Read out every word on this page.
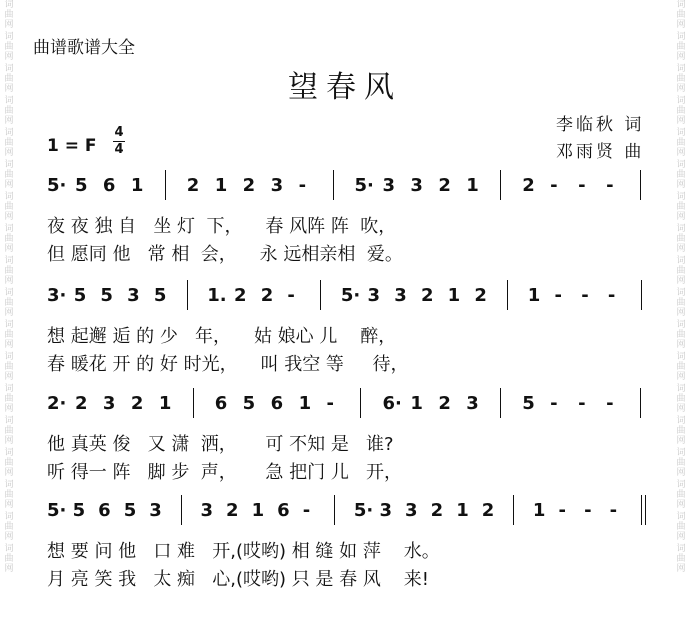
词
曲
网
词
曲
网
词
曲
网
词
曲
网
词
曲
网
词
曲
网
词
曲
网
词
曲
网
词
曲
网
词
曲
网
词
曲
网
词
曲
网
词
曲
网
词
曲
网
词
曲
网
词
曲
网
词
曲
网
词
曲
网
词
曲
网
词
曲
网
词
曲
网
词
曲
网
词
曲
网
词
曲
网
词
曲
网
词
曲
网
词
曲
网
词
曲
网
词
曲
网
词
曲
网
词
曲
网
词
曲
网
词
曲
网
词
曲
网
词
曲
网
词
曲
网
曲谱歌谱大全
望春风
李临秋 词
邓雨贤 曲
1 = F
4
4
5· 5 6 1 2 1 2 3 -	5· 3 3 2 1 2 - - -
夜 夜 独 自   坐 灯  下，    春 风阵 阵  吹，
但 愿同 他   常 相  会，    永 远相亲相  爱。
3· 5 5 3 5 1. 2 2 -	5· 3 3 2 1 2 1 - - -
想 起邂 逅 的 少   年，    姑 娘心 儿    醉，
春 暖花 开 的 好 时光，    叫 我空 等     待，
2· 2 3 2 1 6 5 6 1 -	6· 1 2 3 5 - - -
他 真英 俊   又 潇  洒，     可 不知 是   谁?
听 得一 阵   脚 步  声，     急 把门 儿   开，
5· 5 6 5 3 3 2 1 6 - 5· 3 3 2 1 2 1 - - -
想 要 问 他   口 难   开,(哎哟) 相 缝 如 萍    水。
月 亮 笑 我   太 痴   心,(哎哟) 只 是 春 风    来!
